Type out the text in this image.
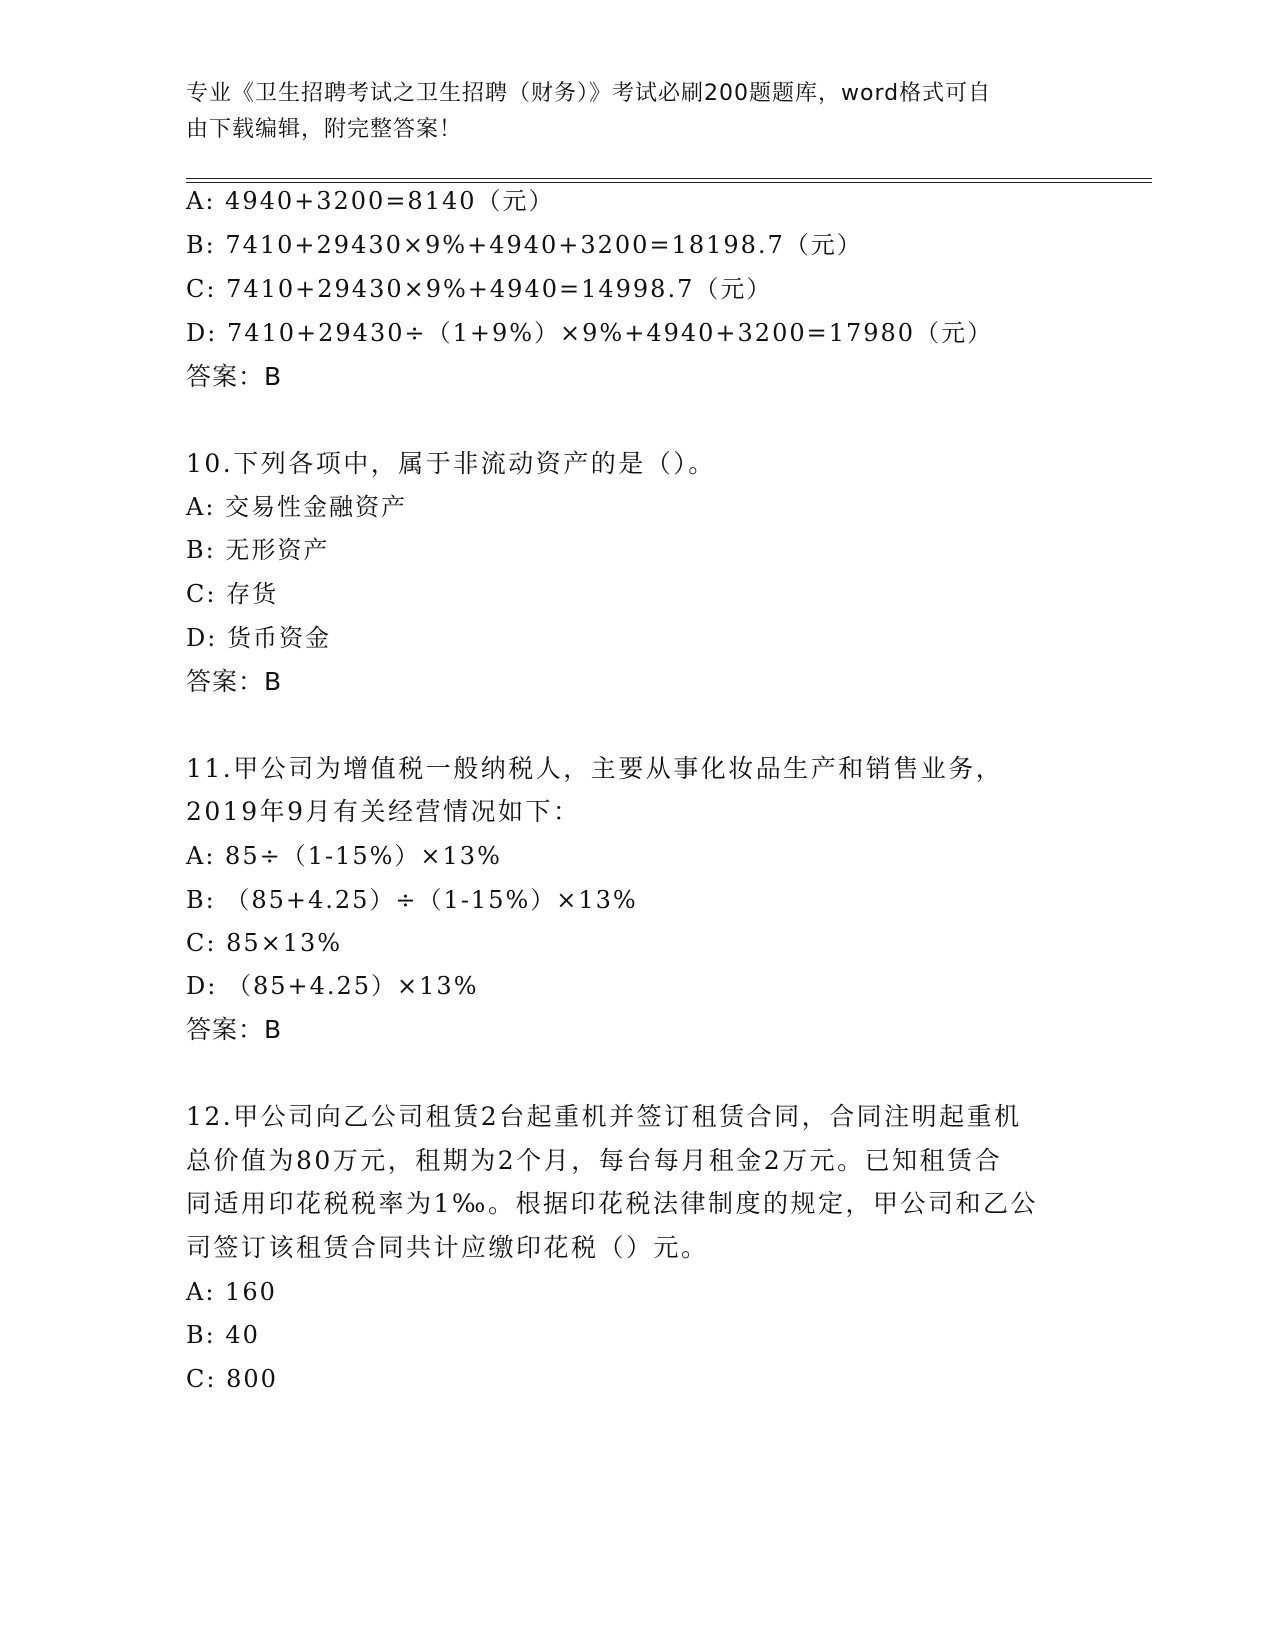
专业《卫生招聘考试之卫生招聘（财务）》考试必刷200题题库，word格式可自
由下载编辑，附完整答案！
A: 4940+3200=8140（元）
B: 7410+29430×9%+4940+3200=18198.7（元）
C: 7410+29430×9%+4940=14998.7（元）
D: 7410+29430÷（1+9%）×9%+4940+3200=17980（元）
答案：B
10.下列各项中，属于非流动资产的是（）。
A: 交易性金融资产
B: 无形资产
C: 存货
D: 货币资金
答案：B
11.甲公司为增值税一般纳税人，主要从事化妆品生产和销售业务，
2019年9月有关经营情况如下：
A: 85÷（1-15%）×13%
B: （85+4.25）÷（1-15%）×13%
C: 85×13%
D: （85+4.25）×13%
答案：B
12.甲公司向乙公司租赁2台起重机并签订租赁合同，合同注明起重机
总价值为80万元，租期为2个月，每台每月租金2万元。已知租赁合
同适用印花税税率为1‰。根据印花税法律制度的规定，甲公司和乙公
司签订该租赁合同共计应缴印花税（）元。
A: 160
B: 40
C: 800
